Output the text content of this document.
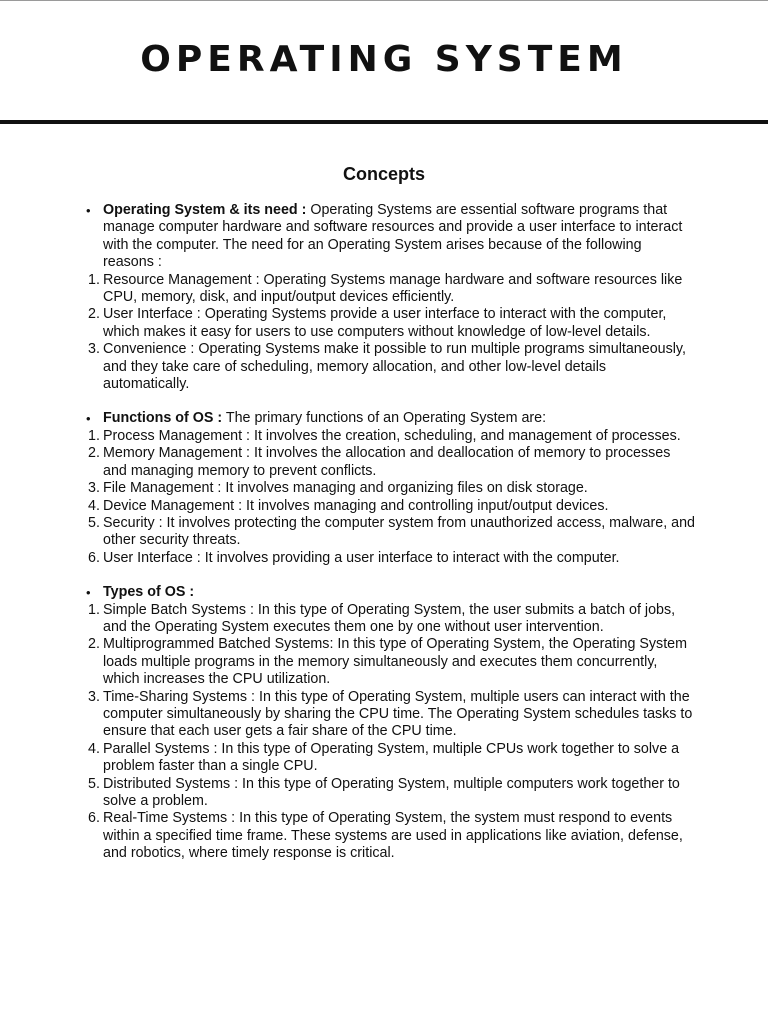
OPERATING SYSTEM
Concepts
• Operating System & its need : Operating Systems are essential software programs that manage computer hardware and software resources and provide a user interface to interact with the computer. The need for an Operating System arises because of the following reasons :
1. Resource Management : Operating Systems manage hardware and software resources like CPU, memory, disk, and input/output devices efficiently.
2. User Interface : Operating Systems provide a user interface to interact with the computer, which makes it easy for users to use computers without knowledge of low-level details.
3. Convenience : Operating Systems make it possible to run multiple programs simultaneously, and they take care of scheduling, memory allocation, and other low-level details automatically.
• Functions of OS : The primary functions of an Operating System are:
1. Process Management : It involves the creation, scheduling, and management of processes.
2. Memory Management : It involves the allocation and deallocation of memory to processes and managing memory to prevent conflicts.
3. File Management : It involves managing and organizing files on disk storage.
4. Device Management : It involves managing and controlling input/output devices.
5. Security : It involves protecting the computer system from unauthorized access, malware, and other security threats.
6. User Interface : It involves providing a user interface to interact with the computer.
• Types of OS :
1. Simple Batch Systems : In this type of Operating System, the user submits a batch of jobs, and the Operating System executes them one by one without user intervention.
2. Multiprogrammed Batched Systems: In this type of Operating System, the Operating System loads multiple programs in the memory simultaneously and executes them concurrently, which increases the CPU utilization.
3. Time-Sharing Systems : In this type of Operating System, multiple users can interact with the computer simultaneously by sharing the CPU time. The Operating System schedules tasks to ensure that each user gets a fair share of the CPU time.
4. Parallel Systems : In this type of Operating System, multiple CPUs work together to solve a problem faster than a single CPU.
5. Distributed Systems : In this type of Operating System, multiple computers work together to solve a problem.
6. Real-Time Systems : In this type of Operating System, the system must respond to events within a specified time frame. These systems are used in applications like aviation, defense, and robotics, where timely response is critical.
